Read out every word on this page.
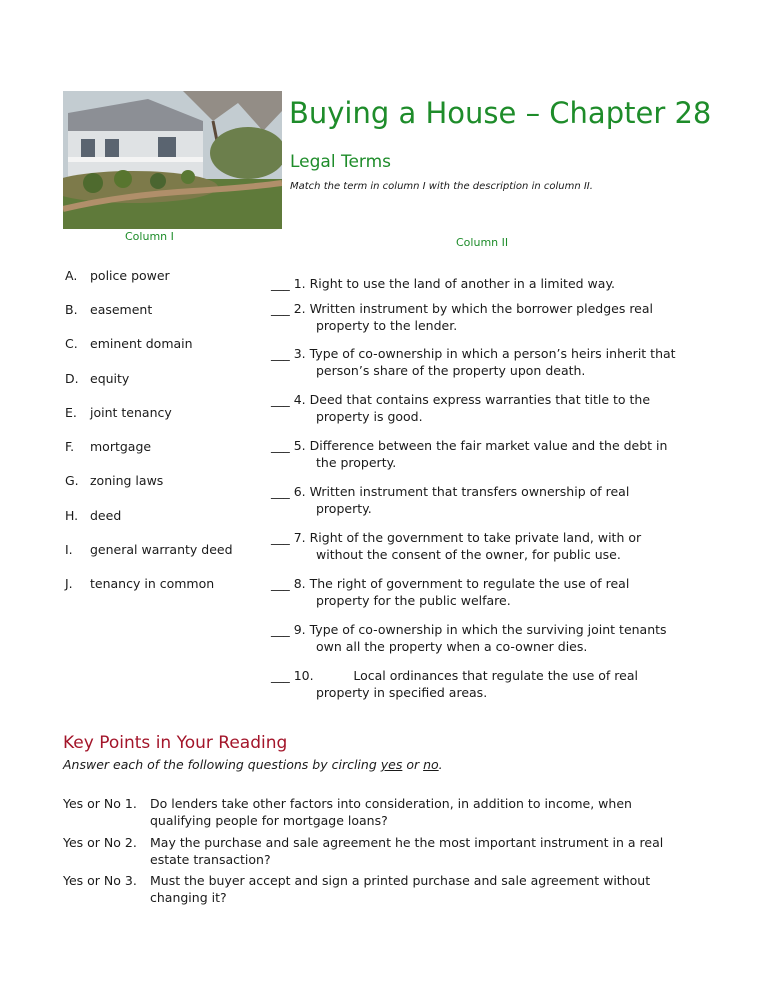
Buying a House – Chapter 28
Legal Terms
Match the term in column I with the description in column II.
Column I	Column II
A. police power
B. easement
C. eminent domain
D. equity
E. joint tenancy
F. mortgage
G. zoning laws
H. deed
I. general warranty deed
J. tenancy in common
___ 1. Right to use the land of another in a limited way.
___ 2. Written instrument by which the borrower pledges real
property to the lender.
___ 3. Type of co-ownership in which a person’s heirs inherit that
person’s share of the property upon death.
___ 4. Deed that contains express warranties that title to the
property is good.
___ 5. Difference between the fair market value and the debt in
the property.
___ 6. Written instrument that transfers ownership of real
property.
___ 7. Right of the government to take private land, with or
without the consent of the owner, for public use.
___ 8. The right of government to regulate the use of real
property for the public welfare.
___ 9. Type of co-ownership in which the surviving joint tenants
own all the property when a co-owner dies.
___ 10.          Local ordinances that regulate the use of real
property in specified areas.
Key Points in Your Reading
Answer each of the following questions by circling yes or no.
Yes or No 1. Do lenders take other factors into consideration, in addition to income, when
qualifying people for mortgage loans?
Yes or No 2. May the purchase and sale agreement he the most important instrument in a real
estate transaction?
Yes or No 3. Must the buyer accept and sign a printed purchase and sale agreement without
changing it?
